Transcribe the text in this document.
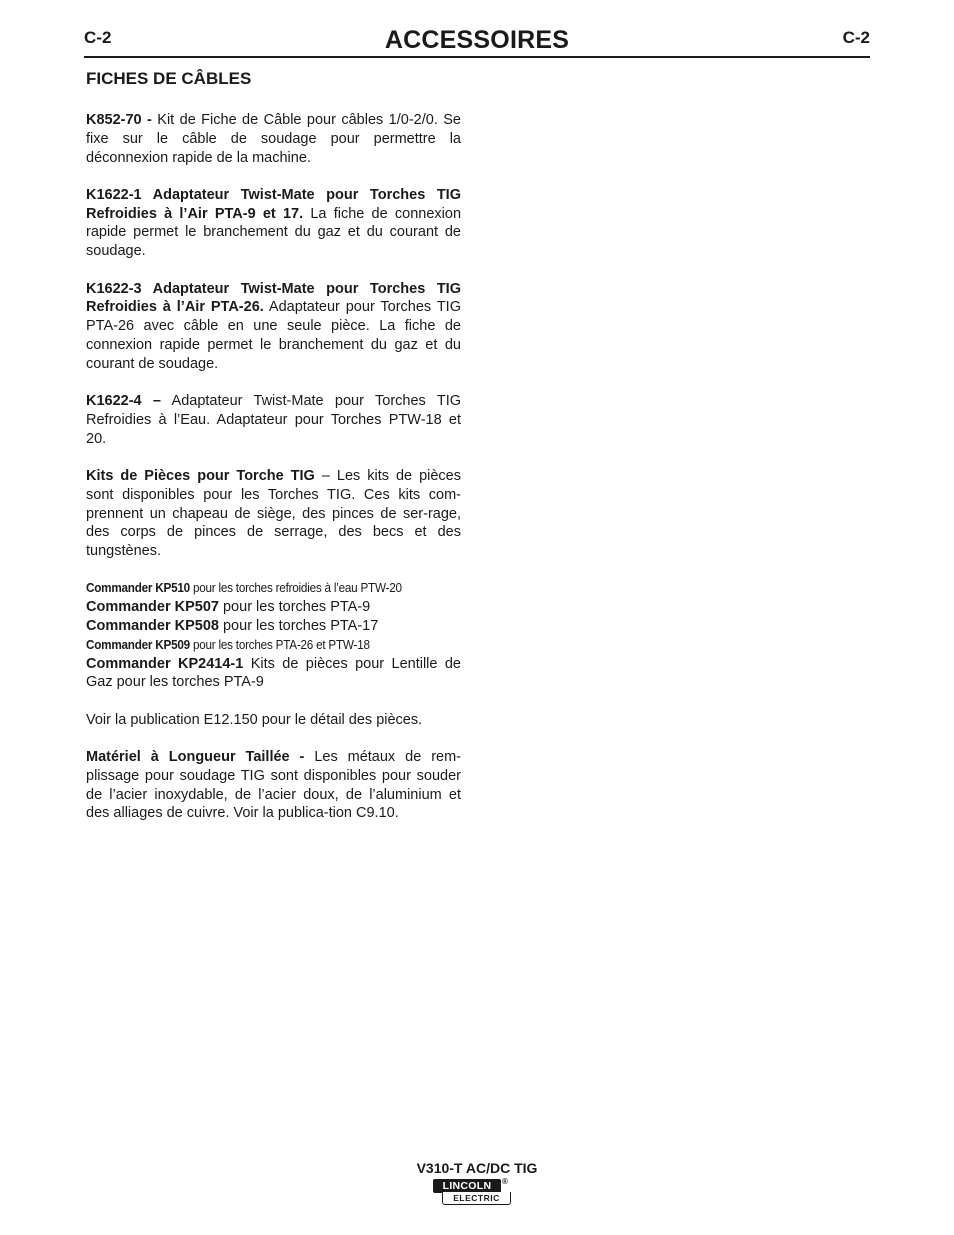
C-2	ACCESSOIRES	C-2
FICHES DE CÂBLES

K852-70 - Kit de Fiche de Câble pour câbles 1/0-2/0. Se fixe sur le câble de soudage pour permettre la déconnexion rapide de la machine.

K1622-1 Adaptateur Twist-Mate pour Torches TIG Refroidies à l’Air PTA-9 et 17. La fiche de connexion rapide permet le branchement du gaz et du courant de soudage.

K1622-3 Adaptateur Twist-Mate pour Torches TIG Refroidies à l’Air PTA-26. Adaptateur pour Torches TIG PTA-26 avec câble en une seule pièce. La fiche de connexion rapide permet le branchement du gaz et du courant de soudage.

K1622-4 – Adaptateur Twist-Mate pour Torches TIG Refroidies à l’Eau. Adaptateur pour Torches PTW-18 et 20.

Kits de Pièces pour Torche TIG – Les kits de pièces sont disponibles pour les Torches TIG. Ces kits com-prennent un chapeau de siège, des pinces de ser-rage, des corps de pinces de serrage, des becs et des tungstènes.

Commander KP510 pour les torches refroidies à l’eau PTW-20
Commander KP507 pour les torches PTA-9
Commander KP508 pour les torches PTA-17
Commander KP509 pour les torches PTA-26 et PTW-18
Commander KP2414-1 Kits de pièces pour Lentille de Gaz pour les torches PTA-9

Voir la publication E12.150 pour le détail des pièces.

Matériel à Longueur Taillée - Les métaux de rem-plissage pour soudage TIG sont disponibles pour souder de l’acier inoxydable, de l’acier doux, de l’aluminium et des alliages de cuivre. Voir la publica-tion C9.10.

V310-T AC/DC TIG
LINCOLN	®
ELECTRIC
